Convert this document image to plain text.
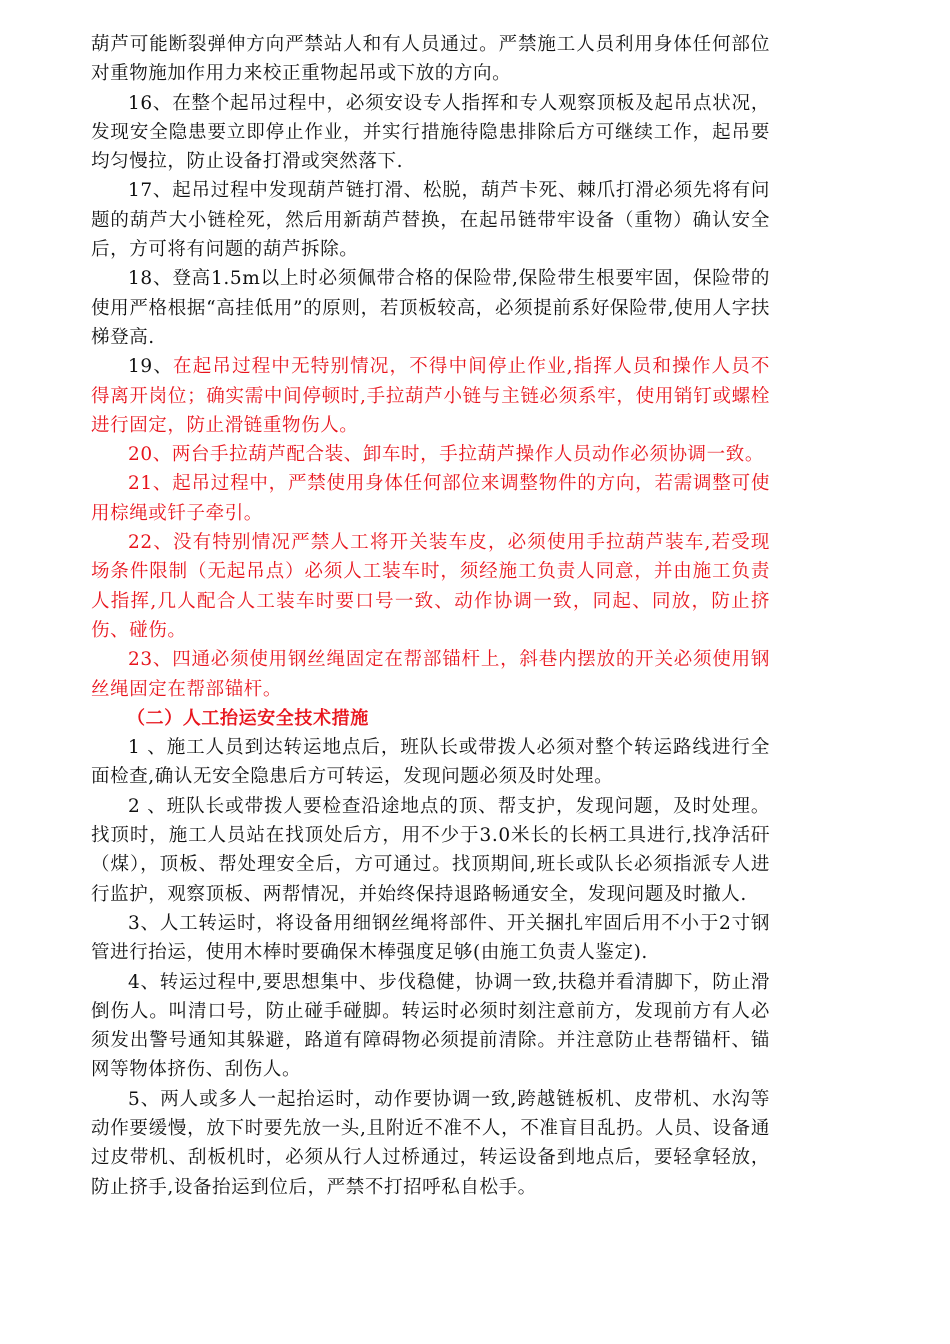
葫芦可能断裂弹伸方向严禁站人和有人员通过。严禁施工人员利用身体任何部位对重物施加作用力来校正重物起吊或下放的方向。

16、在整个起吊过程中，必须安设专人指挥和专人观察顶板及起吊点状况，发现安全隐患要立即停止作业，并实行措施待隐患排除后方可继续工作，起吊要均匀慢拉，防止设备打滑或突然落下.

17、起吊过程中发现葫芦链打滑、松脱，葫芦卡死、棘爪打滑必须先将有问题的葫芦大小链栓死，然后用新葫芦替换，在起吊链带牢设备（重物）确认安全后，方可将有问题的葫芦拆除。

18、登高1.5m以上时必须佩带合格的保险带,保险带生根要牢固，保险带的使用严格根据“高挂低用”的原则，若顶板较高，必须提前系好保险带,使用人字扶梯登高.

19、在起吊过程中无特别情况，不得中间停止作业,指挥人员和操作人员不得离开岗位；确实需中间停顿时,手拉葫芦小链与主链必须系牢，使用销钉或螺栓进行固定，防止滑链重物伤人。

20、两台手拉葫芦配合装、卸车时，手拉葫芦操作人员动作必须协调一致。

21、起吊过程中，严禁使用身体任何部位来调整物件的方向，若需调整可使用棕绳或钎子牵引。

22、没有特别情况严禁人工将开关装车皮，必须使用手拉葫芦装车,若受现场条件限制（无起吊点）必须人工装车时，须经施工负责人同意，并由施工负责人指挥,几人配合人工装车时要口号一致、动作协调一致，同起、同放，防止挤伤、碰伤。

23、四通必须使用钢丝绳固定在帮部锚杆上，斜巷内摆放的开关必须使用钢丝绳固定在帮部锚杆。

（二）人工抬运安全技术措施

1 、施工人员到达转运地点后，班队长或带拨人必须对整个转运路线进行全面检查,确认无安全隐患后方可转运，发现问题必须及时处理。

2 、班队长或带拨人要检查沿途地点的顶、帮支护，发现问题，及时处理。找顶时，施工人员站在找顶处后方，用不少于3.0米长的长柄工具进行,找净活矸（煤），顶板、帮处理安全后，方可通过。找顶期间,班长或队长必须指派专人进行监护，观察顶板、两帮情况，并始终保持退路畅通安全，发现问题及时撤人.

3、人工转运时，将设备用细钢丝绳将部件、开关捆扎牢固后用不小于2寸钢管进行抬运，使用木棒时要确保木棒强度足够(由施工负责人鉴定).

4、转运过程中,要思想集中、步伐稳健，协调一致,扶稳并看清脚下，防止滑倒伤人。叫清口号，防止碰手碰脚。转运时必须时刻注意前方，发现前方有人必须发出警号通知其躲避，路道有障碍物必须提前清除。并注意防止巷帮锚杆、锚网等物体挤伤、刮伤人。

5、两人或多人一起抬运时，动作要协调一致,跨越链板机、皮带机、水沟等动作要缓慢，放下时要先放一头,且附近不准不人，不准盲目乱扔。人员、设备通过皮带机、刮板机时，必须从行人过桥通过，转运设备到地点后，要轻拿轻放，防止挤手,设备抬运到位后，严禁不打招呼私自松手。
